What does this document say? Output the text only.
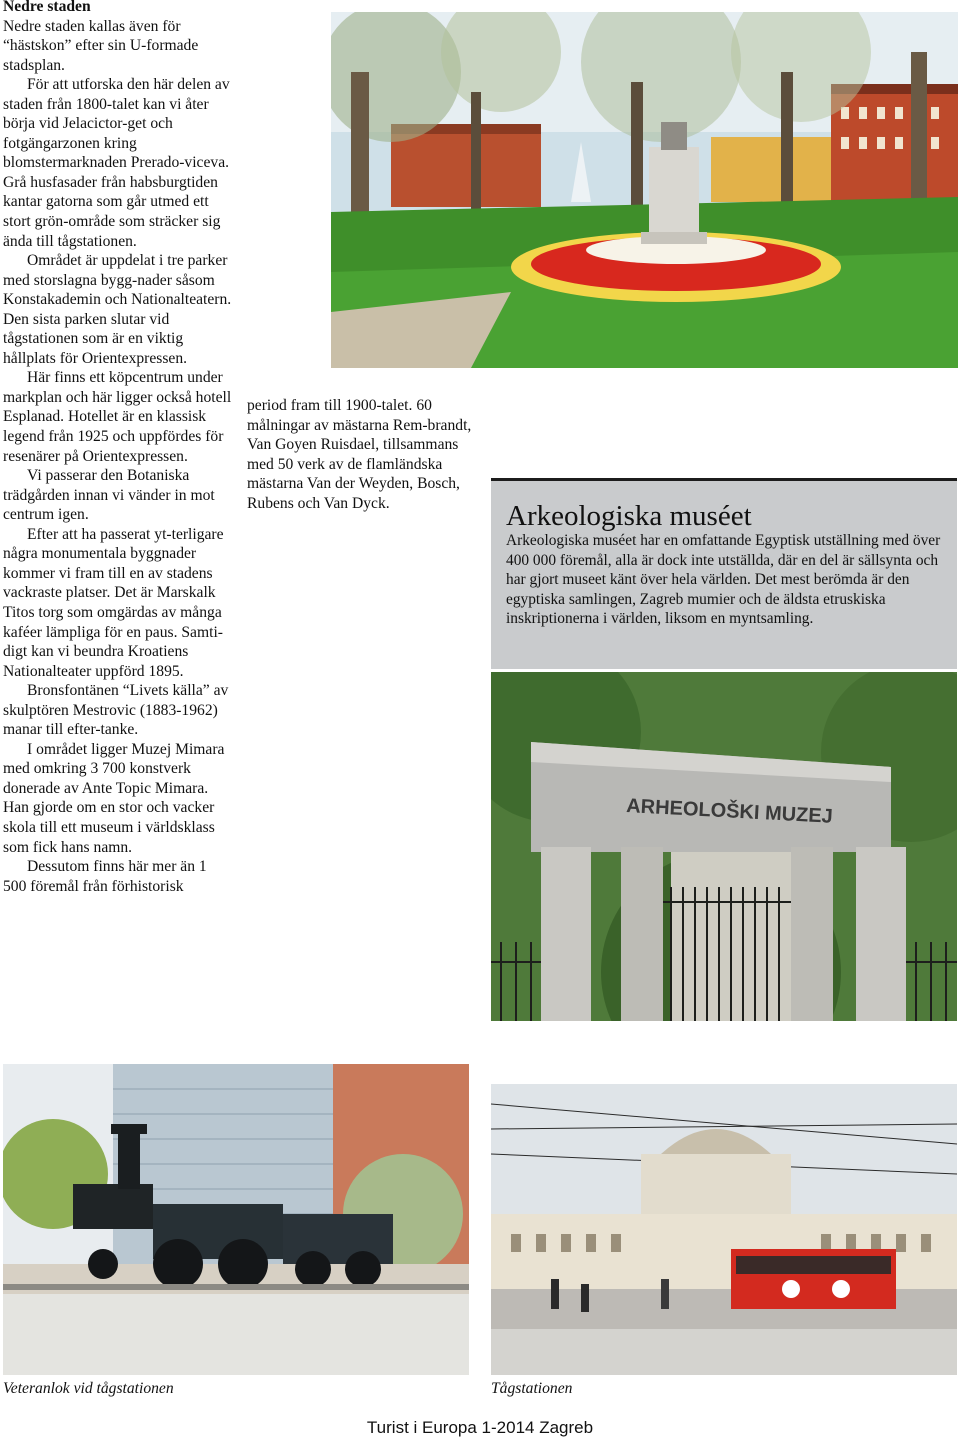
Nedre staden

Nedre staden kallas även för “hästskon” efter sin U-formade stadsplan.

För att utforska den här delen av staden från 1800-talet kan vi åter börja vid Jelacictor-get och fotgängarzonen kring blomstermarknaden Prerado-viceva. Grå husfasader från habsburgtiden kantar gatorna som går utmed ett stort grön-område som sträcker sig ända till tågstationen.

Området är uppdelat i tre parker med storslagna bygg-nader såsom Konstakademin och Nationalteatern. Den sista parken slutar vid tågstationen som är en viktig hållplats för Orientexpressen.

Här finns ett köpcentrum under markplan och här ligger också hotell Esplanad. Hotellet är en klassisk legend från 1925 och uppfördes för resenärer på Orientexpressen.

Vi passerar den Botaniska trädgården innan vi vänder in mot centrum igen.

Efter att ha passerat yt-terligare några monumentala byggnader kommer vi fram till en av stadens vackraste platser. Det är Marskalk Titos torg som omgärdas av många kaféer lämpliga för en paus. Samti-digt kan vi beundra Kroatiens Nationalteater uppförd 1895.

Bronsfontänen “Livets källa” av skulptören Mestrovic (1883-1962) manar till efter-tanke.

I området ligger Muzej Mimara med omkring 3 700 konstverk donerade av Ante Topic Mimara. Han gjorde om en stor och vacker skola till ett museum i världsklass som fick hans namn.

Dessutom finns här mer än 1 500 föremål från förhistorisk

period fram till 1900-talet. 60 målningar av mästarna Rem-brandt, Van Goyen Ruisdael, tillsammans med 50 verk av de flamländska mästarna Van der Weyden, Bosch, Rubens och Van Dyck.	Arkeologiska muséet

Arkeologiska muséet har en omfattande Egyptisk utställning med över 400 000 föremål, alla är dock inte utställda, där en del är sällsynta och har gjort museet känt över hela världen. Det mest berömda är den egyptiska samlingen, Zagreb mumier och de äldsta etruskiska inskriptionerna i världen, liksom en myntsamling.

ARHEOLOŠKI MUZEJ
Veteranlok vid tågstationen	Tågstationen
Turist i Europa 1-2014 Zagreb
